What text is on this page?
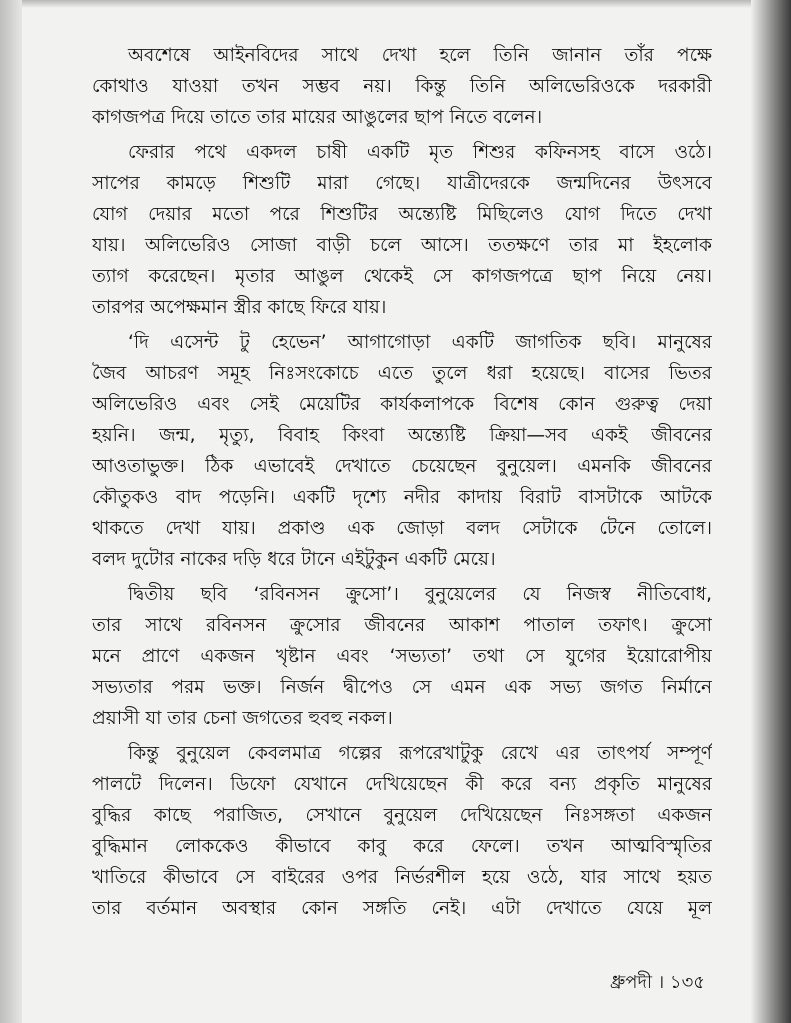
অবশেষে আইনবিদের সাথে দেখা হলে তিনি জানান তাঁর পক্ষে
কোথাও যাওয়া তখন সম্ভব নয়। কিন্তু তিনি অলিভেরিওকে দরকারী
কাগজপত্র দিয়ে তাতে তার মায়ের আঙুলের ছাপ নিতে বলেন।
ফেরার পথে একদল চাষী একটি মৃত শিশুর কফিনসহ বাসে ওঠে।
সাপের কামড়ে শিশুটি মারা গেছে। যাত্রীদেরকে জন্মদিনের উৎসবে
যোগ দেয়ার মতো পরে শিশুটির অন্ত্যেষ্টি মিছিলেও যোগ দিতে দেখা
যায়। অলিভেরিও সোজা বাড়ী চলে আসে। ততক্ষণে তার মা ইহলোক
ত্যাগ করেছেন। মৃতার আঙুল থেকেই সে কাগজপত্রে ছাপ নিয়ে নেয়।
তারপর অপেক্ষমান স্ত্রীর কাছে ফিরে যায়।
‘দি এসেন্ট টু হেভেন’ আগাগোড়া একটি জাগতিক ছবি। মানুষের
জৈব আচরণ সমূহ নিঃসংকোচে এতে তুলে ধরা হয়েছে। বাসের ভিতর
অলিভেরিও এবং সেই মেয়েটির কার্যকলাপকে বিশেষ কোন গুরুত্ব দেয়া
হয়নি। জন্ম, মৃত্যু, বিবাহ কিংবা অন্ত্যেষ্টি ক্রিয়া—সব একই জীবনের
আওতাভুক্ত। ঠিক এভাবেই দেখাতে চেয়েছেন বুনুয়েল। এমনকি জীবনের
কৌতুকও বাদ পড়েনি। একটি দৃশ্যে নদীর কাদায় বিরাট বাসটাকে আটকে
থাকতে দেখা যায়। প্রকাণ্ড এক জোড়া বলদ সেটাকে টেনে তোলে।
বলদ দুটোর নাকের দড়ি ধরে টানে এইটুকুন একটি মেয়ে।
দ্বিতীয় ছবি ‘রবিনসন ক্রুসো’। বুনুয়েলের যে নিজস্ব নীতিবোধ,
তার সাথে রবিনসন ক্রুসোর জীবনের আকাশ পাতাল তফাৎ। ক্রুসো
মনে প্রাণে একজন খৃষ্টান এবং ‘সভ্যতা’ তথা সে যুগের ইয়োরোপীয়
সভ্যতার পরম ভক্ত। নির্জন দ্বীপেও সে এমন এক সভ্য জগত নির্মানে
প্রয়াসী যা তার চেনা জগতের হুবহু নকল।
কিন্তু বুনুয়েল কেবলমাত্র গল্পের রূপরেখাটুকু রেখে এর তাৎপর্য সম্পূর্ণ
পালটে দিলেন। ডিফো যেখানে দেখিয়েছেন কী করে বন্য প্রকৃতি মানুষের
বুদ্ধির কাছে পরাজিত, সেখানে বুনুয়েল দেখিয়েছেন নিঃসঙ্গতা একজন
বুদ্ধিমান লোককেও কীভাবে কাবু করে ফেলে। তখন আত্মবিস্মৃতির
খাতিরে কীভাবে সে বাইরের ওপর নির্ভরশীল হয়ে ওঠে, যার সাথে হয়ত
তার বর্তমান অবস্থার কোন সঙ্গতি নেই। এটা দেখাতে যেয়ে মূল
ধ্রুপদী । ১৩৫
